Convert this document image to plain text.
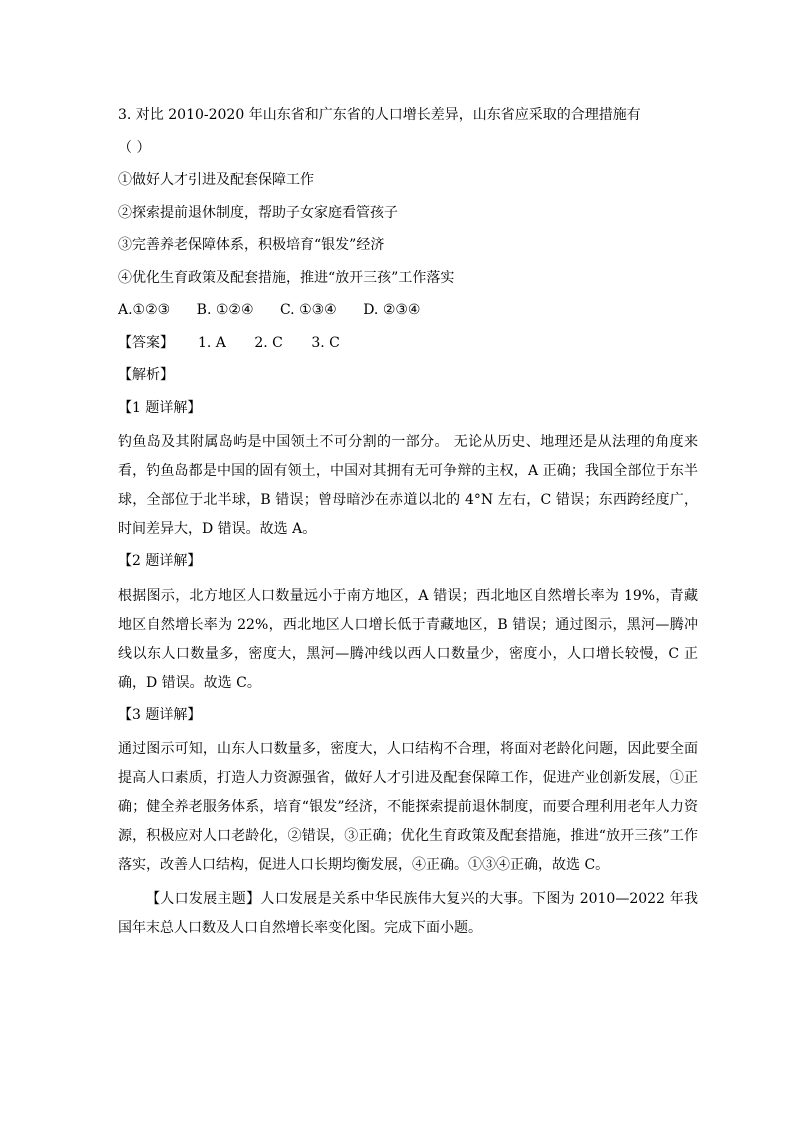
3. 对比 2010-2020 年山东省和广东省的人口增长差异，山东省应采取的合理措施有
（ ）
①做好人才引进及配套保障工作
②探索提前退休制度，帮助子女家庭看管孩子
③完善养老保障体系，积极培育“银发”经济
④优化生育政策及配套措施，推进“放开三孩”工作落实
A.①②③ B. ①②④ C. ①③④ D. ②③④
【答案】 1. A 2. C 3. C
【解析】
【1 题详解】
钓鱼岛及其附属岛屿是中国领土不可分割的一部分。 无论从历史、地理还是从法理的角度来看，钓鱼岛都是中国的固有领土，中国对其拥有无可争辩的主权，A 正确；我国全部位于东半球，全部位于北半球，B 错误；曾母暗沙在赤道以北的 4°N 左右，C 错误；东西跨经度广，时间差异大，D 错误。故选 A。
【2 题详解】
根据图示，北方地区人口数量远小于南方地区，A 错误；西北地区自然增长率为 19%，青藏地区自然增长率为 22%，西北地区人口增长低于青藏地区，B 错误；通过图示，黑河—腾冲线以东人口数量多，密度大，黑河—腾冲线以西人口数量少，密度小，人口增长较慢，C 正确，D 错误。故选 C。
【3 题详解】
通过图示可知，山东人口数量多，密度大，人口结构不合理，将面对老龄化问题，因此要全面提高人口素质，打造人力资源强省，做好人才引进及配套保障工作，促进产业创新发展，①正确；健全养老服务体系，培育“银发”经济，不能探索提前退休制度，而要合理利用老年人力资源，积极应对人口老龄化，②错误，③正确；优化生育政策及配套措施，推进“放开三孩”工作落实，改善人口结构，促进人口长期均衡发展，④正确。①③④正确，故选 C。
【人口发展主题】人口发展是关系中华民族伟大复兴的大事。下图为 2010—2022 年我国年末总人口数及人口自然增长率变化图。完成下面小题。
